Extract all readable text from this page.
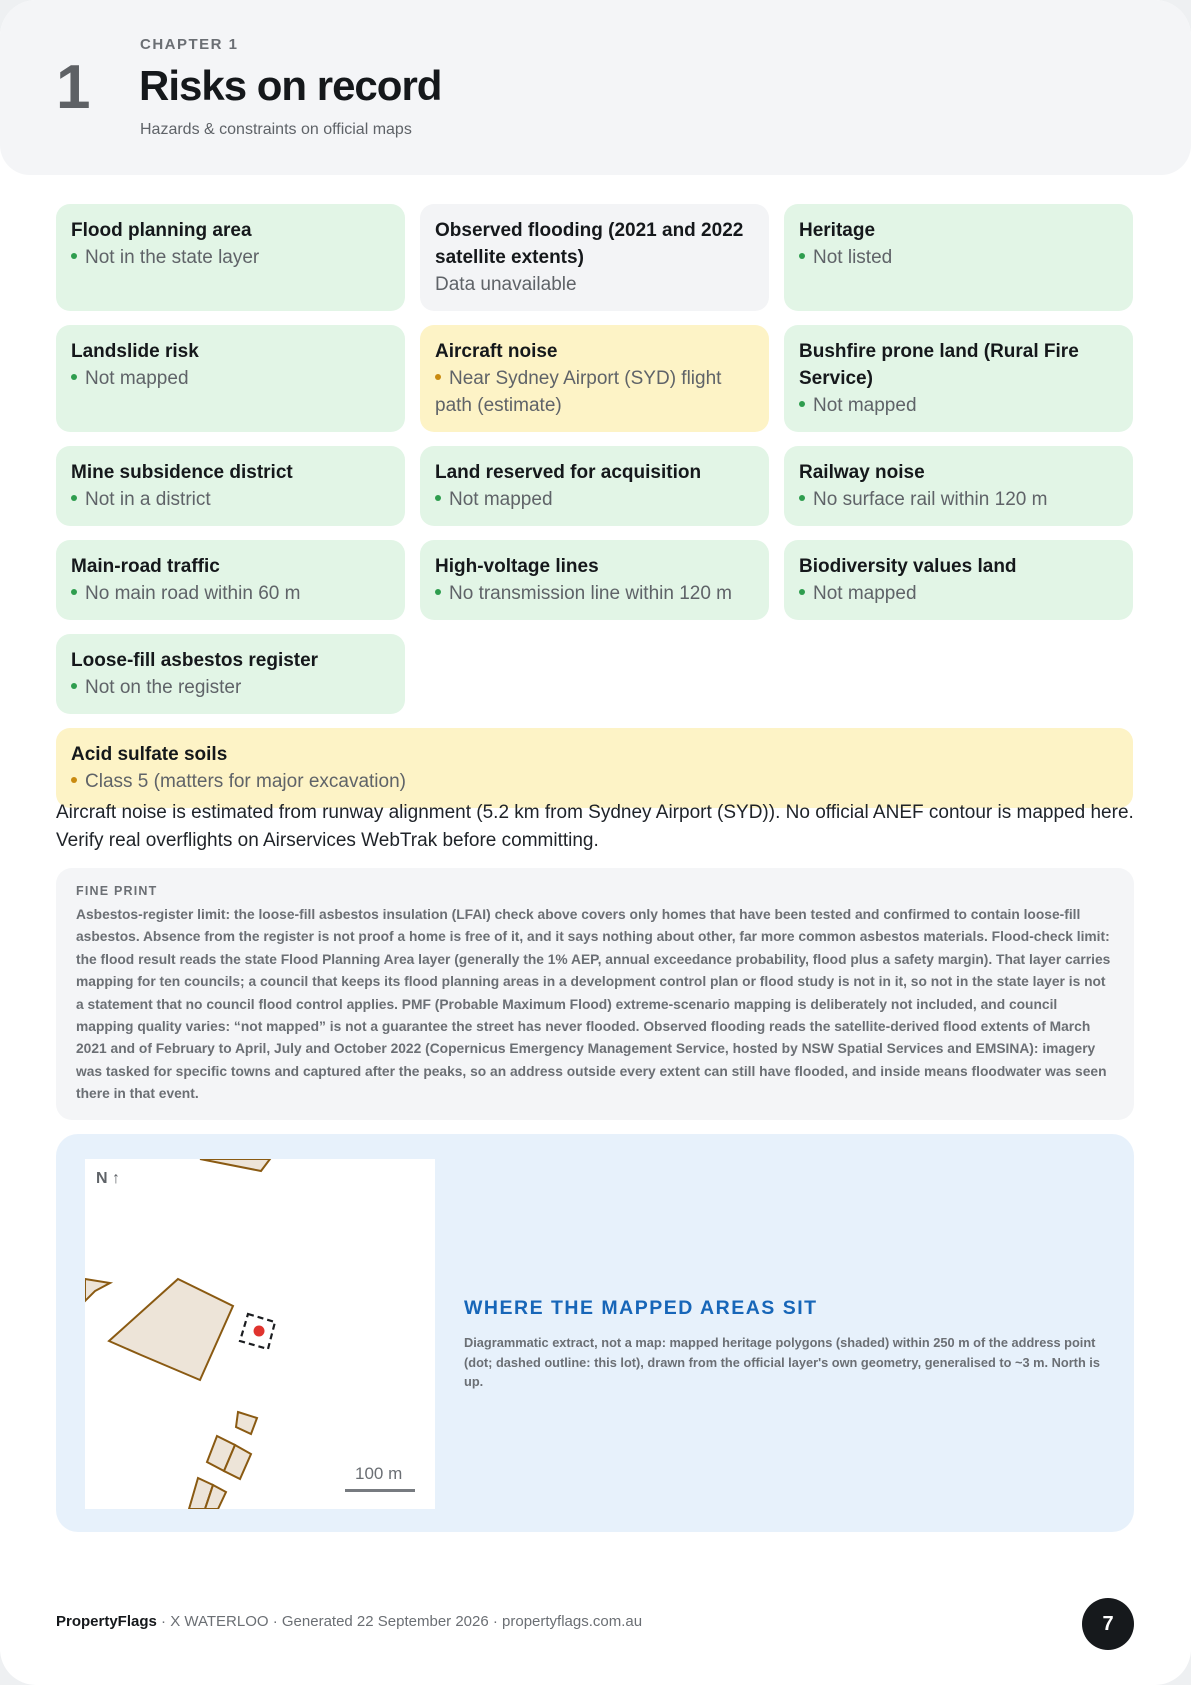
1
CHAPTER 1
Risks on record
Hazards & constraints on official maps
Flood planning area
Not in the state layer
Observed flooding (2021 and 2022 satellite extents)
Data unavailable
Heritage
Not listed
Landslide risk
Not mapped
Aircraft noise
Near Sydney Airport (SYD) flight path (estimate)
Bushfire prone land (Rural Fire Service)
Not mapped
Mine subsidence district
Not in a district
Land reserved for acquisition
Not mapped
Railway noise
No surface rail within 120 m
Main-road traffic
No main road within 60 m
High-voltage lines
No transmission line within 120 m
Biodiversity values land
Not mapped
Loose-fill asbestos register
Not on the register
Acid sulfate soils
Class 5 (matters for major excavation)
Aircraft noise is estimated from runway alignment (5.2 km from Sydney Airport (SYD)). No official ANEF contour is mapped here. Verify real overflights on Airservices WebTrak before committing.
FINE PRINT
Asbestos-register limit: the loose-fill asbestos insulation (LFAI) check above covers only homes that have been tested and confirmed to contain loose-fill asbestos. Absence from the register is not proof a home is free of it, and it says nothing about other, far more common asbestos materials. Flood-check limit: the flood result reads the state Flood Planning Area layer (generally the 1% AEP, annual exceedance probability, flood plus a safety margin). That layer carries mapping for ten councils; a council that keeps its flood planning areas in a development control plan or flood study is not in it, so not in the state layer is not a statement that no council flood control applies. PMF (Probable Maximum Flood) extreme-scenario mapping is deliberately not included, and council mapping quality varies: “not mapped” is not a guarantee the street has never flooded. Observed flooding reads the satellite-derived flood extents of March 2021 and of February to April, July and October 2022 (Copernicus Emergency Management Service, hosted by NSW Spatial Services and EMSINA): imagery was tasked for specific towns and captured after the peaks, so an address outside every extent can still have flooded, and inside means floodwater was seen there in that event.
N ↑
100 m
WHERE THE MAPPED AREAS SIT
Diagrammatic extract, not a map: mapped heritage polygons (shaded) within 250 m of the address point (dot; dashed outline: this lot), drawn from the official layer's own geometry, generalised to ~3 m. North is up.
PropertyFlags · X WATERLOO · Generated 22 September 2026 · propertyflags.com.au	7
